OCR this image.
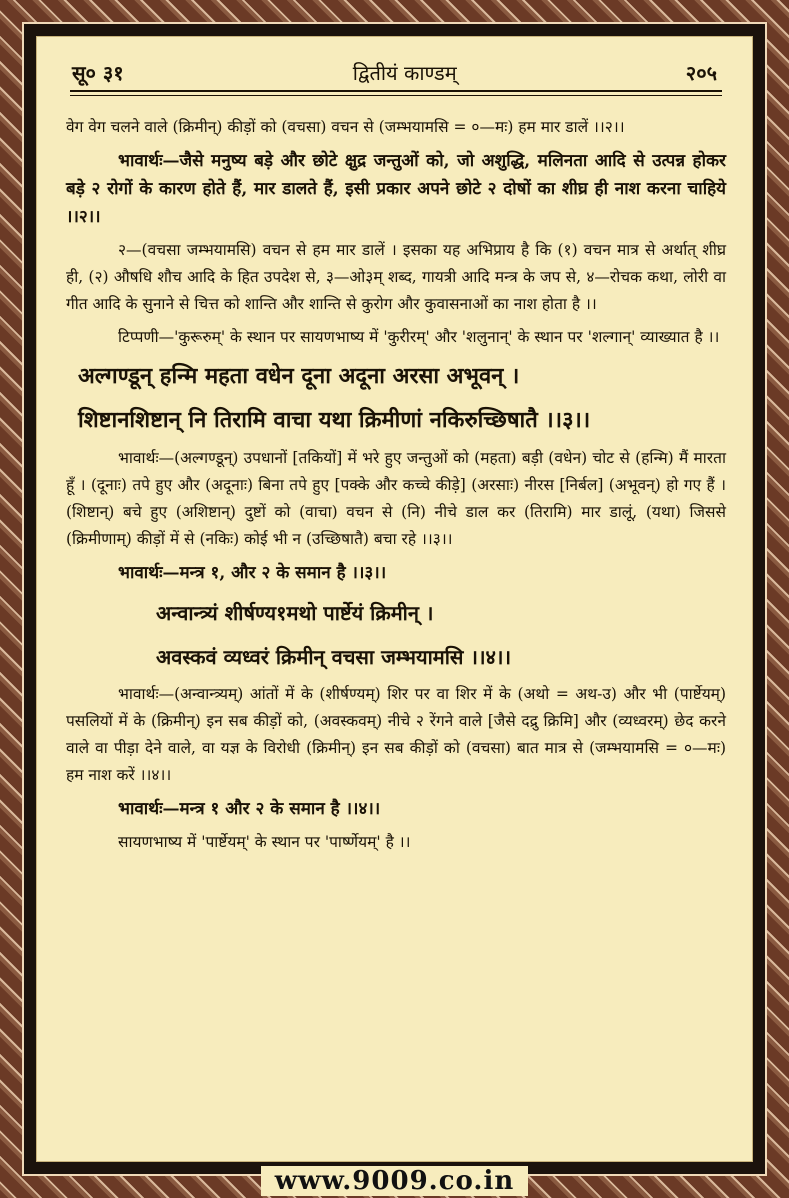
सू० ३१	द्वितीयं काण्डम्	२०५

वेग वेग चलने वाले (क्रिमीन्) कीड़ों को (वचसा) वचन से (जम्भयामसि = ०—मः) हम मार डालें ।।२।।

भावार्थः—जैसे मनुष्य बड़े और छोटे क्षुद्र जन्तुओं को, जो अशुद्धि, मलिनता आदि से उत्पन्न होकर बड़े २ रोगों के कारण होते हैं, मार डालते हैं, इसी प्रकार अपने छोटे २ दोषों का शीघ्र ही नाश करना चाहिये ।।२।।

२—(वचसा जम्भयामसि) वचन से हम मार डालें । इसका यह अभिप्राय है कि (१) वचन मात्र से अर्थात् शीघ्र ही, (२) औषधि शौच आदि के हित उपदेश से, ३—ओ३म् शब्द, गायत्री आदि मन्त्र के जप से, ४—रोचक कथा, लोरी वा गीत आदि के सुनाने से चित्त को शान्ति और शान्ति से कुरोग और कुवासनाओं का नाश होता है ।।

टिप्पणी—'कुरूरुम्' के स्थान पर सायणभाष्य में 'कुरीरम्' और 'शलुनान्' के स्थान पर 'शल्गान्' व्याख्यात है ।।

अल्गण्डून् हन्मि महता वधेन दूना अदूना अरसा अभूवन् ।
शिष्टानशिष्टान् नि तिरामि वाचा यथा क्रिमीणां नकिरुच्छिषातै ।।३।।

भावार्थः—(अल्गण्डून्) उपधानों [तकियों] में भरे हुए जन्तुओं को (महता) बड़ी (वधेन) चोट से (हन्मि) मैं मारता हूँ । (दूनाः) तपे हुए और (अदूनाः) बिना तपे हुए [पक्के और कच्चे कीड़े] (अरसाः) नीरस [निर्बल] (अभूवन्) हो गए हैं । (शिष्टान्) बचे हुए (अशिष्टान्) दुष्टों को (वाचा) वचन से (नि) नीचे डाल कर (तिरामि) मार डालूं, (यथा) जिससे (क्रिमीणाम्) कीड़ों में से (नकिः) कोई भी न (उच्छिषातै) बचा रहे ।।३।।

भावार्थः—मन्त्र १, और २ के समान है ।।३।।

अन्वान्त्र्यं शीर्षण्य१मथो पार्ष्टेयं क्रिमीन् ।
अवस्कवं व्यध्वरं क्रिमीन् वचसा जम्भयामसि ।।४।।

भावार्थः—(अन्वान्त्र्यम्) आंतों में के (शीर्षण्यम्) शिर पर वा शिर में के (अथो = अथ-उ) और भी (पार्ष्टेयम्) पसलियों में के (क्रिमीन्) इन सब कीड़ों को, (अवस्कवम्) नीचे २ रेंगने वाले [जैसे दद्रु क्रिमि] और (व्यध्वरम्) छेद करने वाले वा पीड़ा देने वाले, वा यज्ञ के विरोधी (क्रिमीन्) इन सब कीड़ों को (वचसा) बात मात्र से (जम्भयामसि = ०—मः) हम नाश करें ।।४।।

भावार्थः—मन्त्र १ और २ के समान है ।।४।।

सायणभाष्य में 'पार्ष्टेयम्' के स्थान पर 'पार्ष्णेयम्' है ।।

www.9009.co.in
